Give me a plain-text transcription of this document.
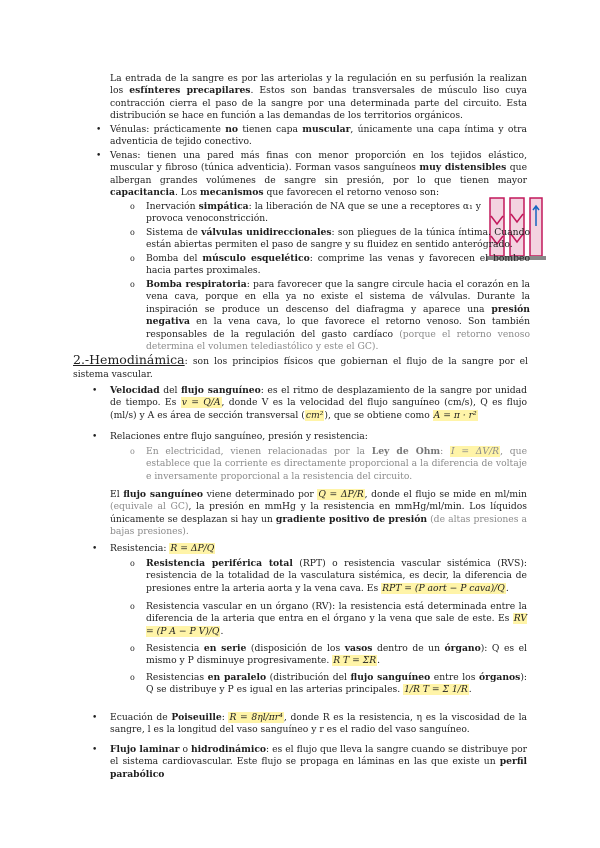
La entrada de la sangre es por las arteriolas y la regulación en su perfusión la realizan los esfínteres precapilares. Estos son bandas transversales de músculo liso cuya contracción cierra el paso de la sangre por una determinada parte del circuito. Esta distribución se hace en función a las demandas de los territorios orgánicos.
• Vénulas: prácticamente no tienen capa muscular, únicamente una capa íntima y otra adventicia de tejido conectivo.
• Venas: tienen una pared más finas con menor proporción en los tejidos elástico, muscular y fibroso (túnica adventicia). Forman vasos sanguíneos muy distensibles que albergan grandes volúmenes de sangre sin presión, por lo que tienen mayor capacitancia. Los mecanismos que favorecen el retorno venoso son:
o Inervación simpática: la liberación de NA que se une a receptores α₁ y provoca venoconstricción.
o Sistema de válvulas unidireccionales: son pliegues de la túnica íntima. Cuando están abiertas permiten el paso de sangre y su fluidez en sentido anterógrado.
o Bomba del músculo esquelético: comprime las venas y favorecen el bombeo hacia partes proximales.
o Bomba respiratoria: para favorecer que la sangre circule hacia el corazón en la vena cava, porque en ella ya no existe el sistema de válvulas. Durante la inspiración se produce un descenso del diafragma y aparece una presión negativa en la vena cava, lo que favorece el retorno venoso. Son también responsables de la regulación del gasto cardíaco (porque el retorno venoso determina el volumen telediastólico y este el GC).
2.-Hemodinámica: son los principios físicos que gobiernan el flujo de la sangre por el sistema vascular.
• Velocidad del flujo sanguíneo: es el ritmo de desplazamiento de la sangre por unidad de tiempo. Es v = Q/A, donde V es la velocidad del flujo sanguíneo (cm/s), Q es flujo (ml/s) y A es área de sección transversal (cm²), que se obtiene como A = π · r²
• Relaciones entre flujo sanguíneo, presión y resistencia:
o En electricidad, vienen relacionadas por la Ley de Ohm: I = ΔV/R, que establece que la corriente es directamente proporcional a la diferencia de voltaje e inversamente proporcional a la resistencia del circuito.
El flujo sanguíneo viene determinado por Q = ΔP/R, donde el flujo se mide en ml/min (equivale al GC), la presión en mmHg y la resistencia en mmHg/ml/min. Los líquidos únicamente se desplazan si hay un gradiente positivo de presión (de altas presiones a bajas presiones).
• Resistencia: R = ΔP/Q
o Resistencia periférica total (RPT) o resistencia vascular sistémica (RVS): resistencia de la totalidad de la vasculatura sistémica, es decir, la diferencia de presiones entre la arteria aorta y la vena cava. Es RPT = (P aort − P cava)/Q.
o Resistencia vascular en un órgano (RV): la resistencia está determinada entre la diferencia de la arteria que entra en el órgano y la vena que sale de este. Es RV = (P A − P V)/Q.
o Resistencia en serie (disposición de los vasos dentro de un órgano): Q es el mismo y P disminuye progresivamente. R T = ΣR.
o Resistencias en paralelo (distribución del flujo sanguíneo entre los órganos): Q se distribuye y P es igual en las arterias principales. 1/R T = Σ 1/R.
• Ecuación de Poiseuille: R = 8ηl/πr⁴, donde R es la resistencia, η es la viscosidad de la sangre, l es la longitud del vaso sanguíneo y r es el radio del vaso sanguíneo.
• Flujo laminar o hidrodinámico: es el flujo que lleva la sangre cuando se distribuye por el sistema cardiovascular. Este flujo se propaga en láminas en las que existe un perfil parabólico
